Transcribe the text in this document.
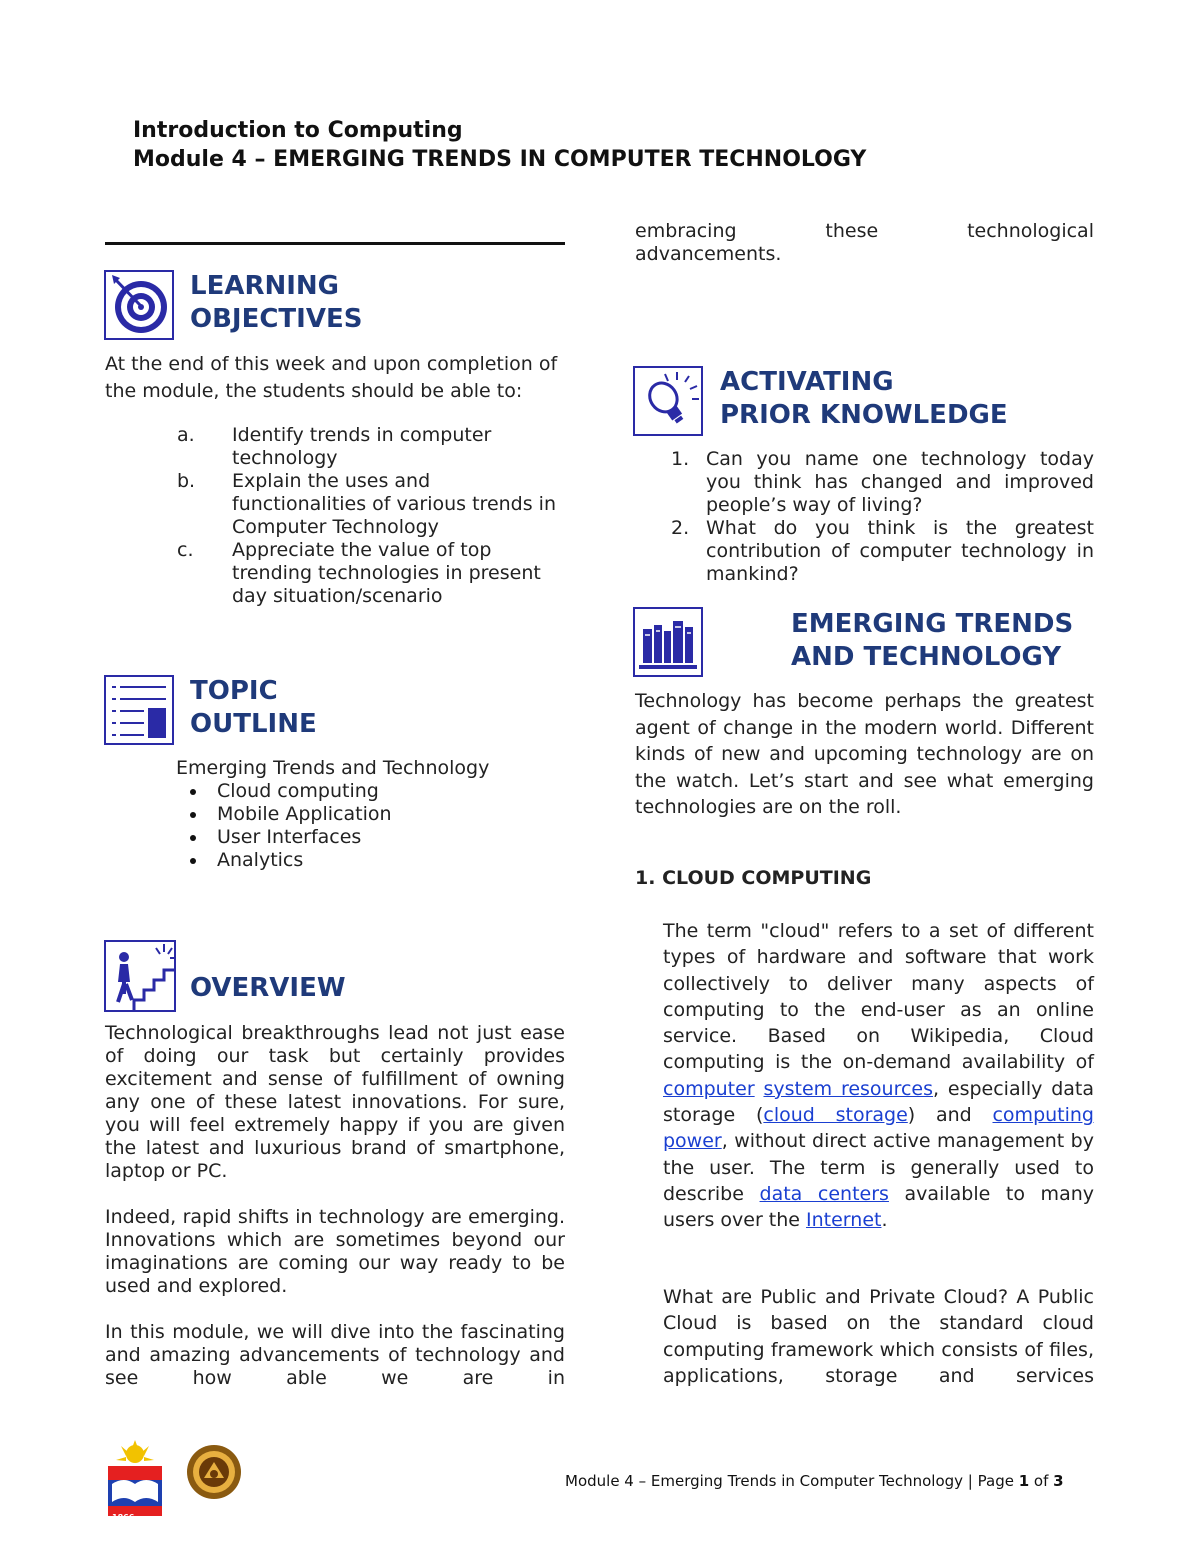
Introduction to Computing
Module 4 – EMERGING TRENDS IN COMPUTER TECHNOLOGY
LEARNING
OBJECTIVES
At the end of this week and upon completion of the module, the students should be able to:
a. Identify trends in computer technology
b. Explain the uses and functionalities of various trends in Computer Technology
c. Appreciate the value of top trending technologies in present day situation/scenario
TOPIC
OUTLINE
Emerging Trends and Technology
Cloud computing
Mobile Application
User Interfaces
Analytics
OVERVIEW

Technological breakthroughs lead not just ease of doing our task but certainly provides excitement and sense of fulfillment of owning any one of these latest innovations. For sure, you will feel extremely happy if you are given the latest and luxurious brand of smartphone, laptop or PC.

Indeed, rapid shifts in technology are emerging. Innovations which are sometimes beyond our imaginations are coming our way ready to be used and explored.

In this module, we will dive into the fascinating and amazing advancements of technology and see how able we are in

embracing	these	technological
advancements.
ACTIVATING
PRIOR KNOWLEDGE
1. Can you name one technology today you think has changed and improved people’s way of living?
2. What do you think is the greatest contribution of computer technology in mankind?
EMERGING TRENDS
AND TECHNOLOGY
Technology has become perhaps the greatest agent of change in the modern world. Different kinds of new and upcoming technology are on the watch. Let’s start and see what emerging technologies are on the roll.
1. CLOUD COMPUTING
The term "cloud" refers to a set of different types of hardware and software that work collectively to deliver many aspects of computing to the end-user as an online service. Based on Wikipedia, Cloud computing is the on-demand availability of computer system resources, especially data storage (cloud storage) and computing power, without direct active management by the user. The term is generally used to describe data centers available to many users over the Internet.
What are Public and Private Cloud? A Public Cloud is based on the standard cloud computing framework which consists of files, applications, storage and services
1866
Module 4 – Emerging Trends in Computer Technology | Page 1 of 3
